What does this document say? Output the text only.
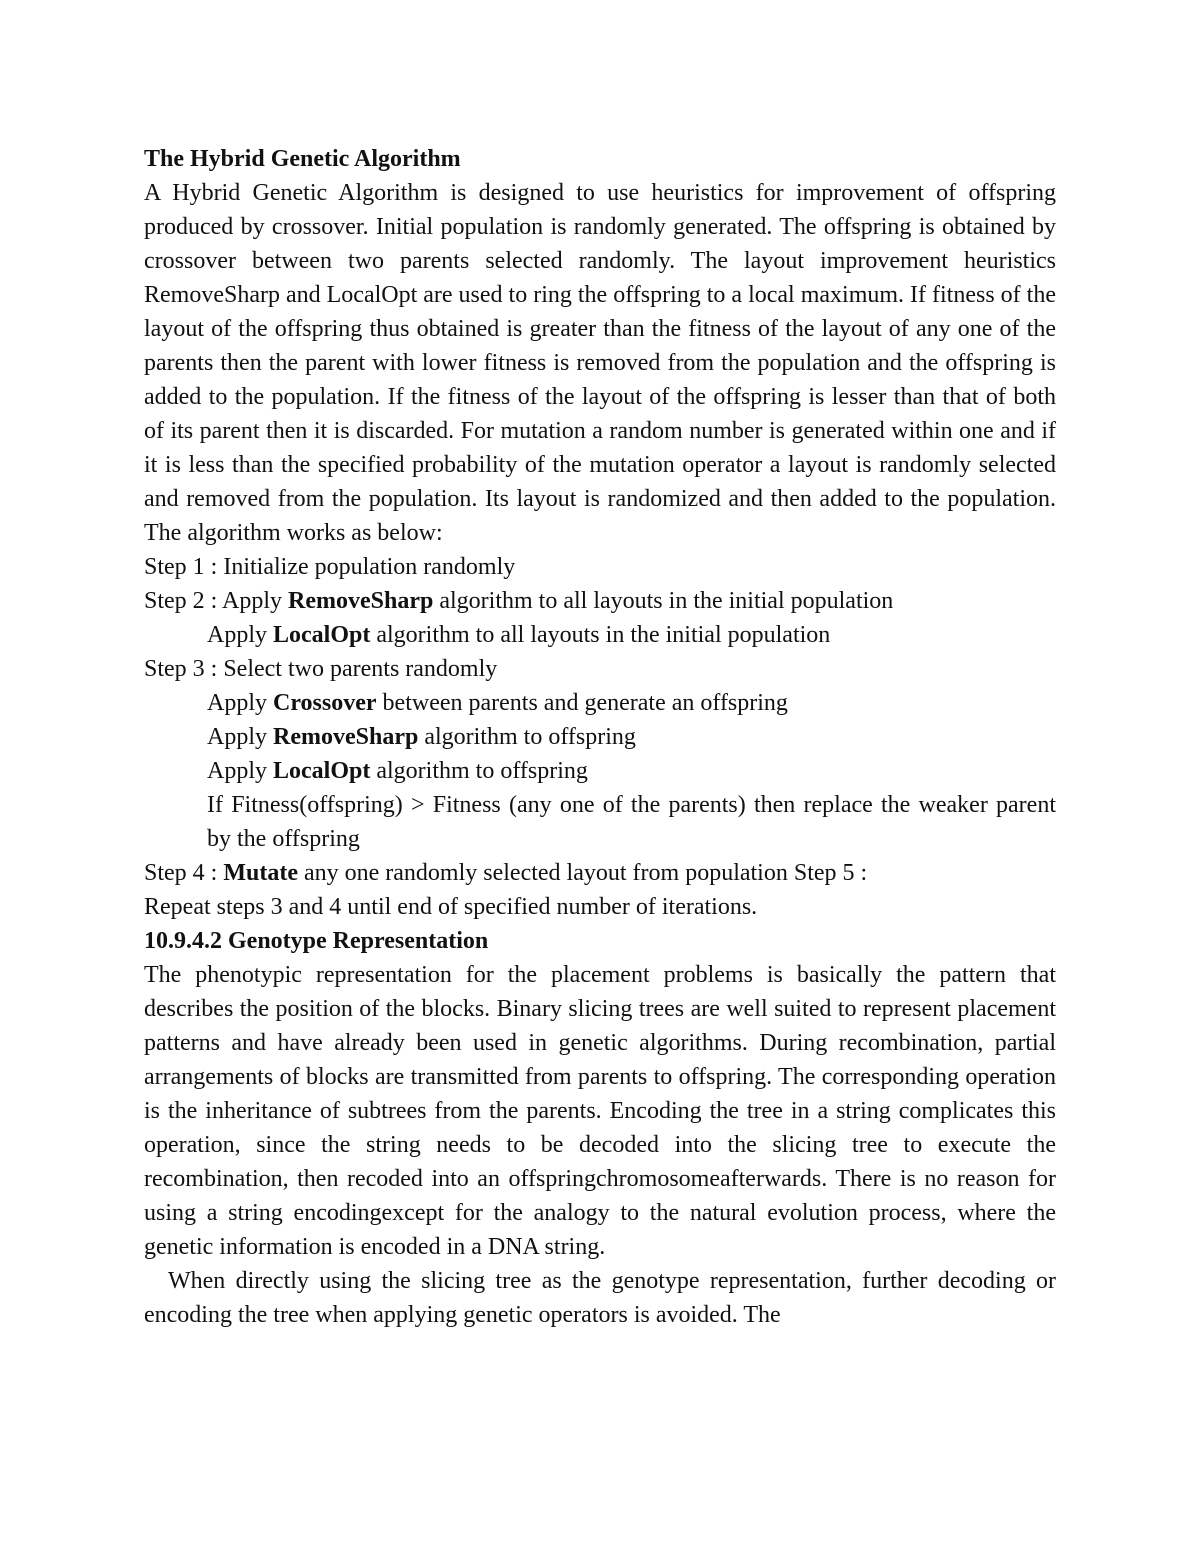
The Hybrid Genetic Algorithm

A Hybrid Genetic Algorithm is designed to use heuristics for improvement of offspring produced by crossover. Initial population is randomly generated. The offspring is obtained by crossover between two parents selected randomly. The layout improvement heuristics RemoveSharp and LocalOpt are used to ring the offspring to a local maximum. If fitness of the layout of the offspring thus obtained is greater than the fitness of the layout of any one of the parents then the parent with lower fitness is removed from the population and the offspring is added to the population. If the fitness of the layout of the offspring is lesser than that of both of its parent then it is discarded. For mutation a random number is generated within one and if it is less than the specified probability of the mutation operator a layout is randomly selected and removed from the population. Its layout is randomized and then added to the population. The algorithm works as below:

Step 1 : Initialize population randomly

Step 2 : Apply RemoveSharp algorithm to all layouts in the initial population

Apply LocalOpt algorithm to all layouts in the initial population

Step 3 : Select two parents randomly

Apply Crossover between parents and generate an offspring

Apply RemoveSharp algorithm to offspring

Apply LocalOpt algorithm to offspring

If Fitness(offspring) > Fitness (any one of the parents) then replace the weaker parent by the offspring

Step 4 : Mutate any one randomly selected layout from population Step 5 :

Repeat steps 3 and 4 until end of specified number of iterations.

10.9.4.2 Genotype Representation

The phenotypic representation for the placement problems is basically the pattern that describes the position of the blocks. Binary slicing trees are well suited to represent placement patterns and have already been used in genetic algorithms. During recombination, partial arrangements of blocks are transmitted from parents to offspring. The corresponding operation is the inheritance of subtrees from the parents. Encoding the tree in a string complicates this operation, since the string needs to be decoded into the slicing tree to execute the recombination, then recoded into an offspringchromosomeafterwards. There is no reason for using a string encodingexcept for the analogy to the natural evolution process, where the genetic information is encoded in a DNA string.

When directly using the slicing tree as the genotype representation, further decoding or encoding the tree when applying genetic operators is avoided. The
